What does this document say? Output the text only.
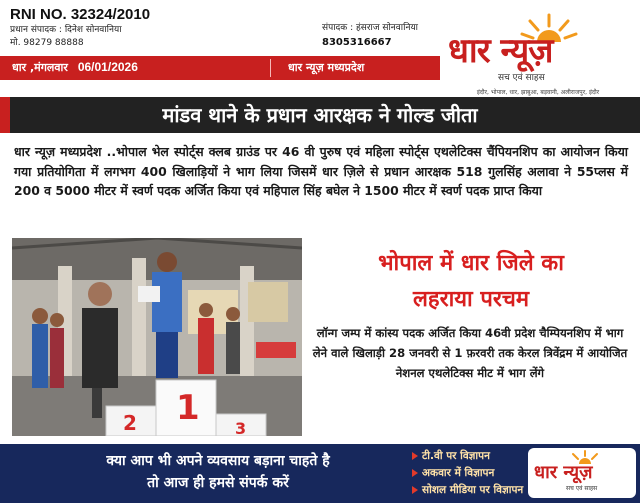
RNI NO. 32324/2010
प्रधान संपादक : दिनेश सोनवानिया
मो. 98279 88888
संपादक : हंसराज सोनवानिया
8305316667	धार न्यूज़
सच एवं साहस
इंदौर, भोपाल, धार, झाबुआ, बड़वानी, अलीराजपुर, इंदौर
धार ,मंगलवार 06/01/2026	धार न्यूज़ मध्यप्रदेश
मांडव थाने के प्रधान आरक्षक ने गोल्ड जीता
धार न्यूज़ मध्यप्रदेश ..भोपाल भेल स्पोर्ट्स क्लब ग्राउंड पर 46 वी पुरुष एवं महिला स्पोर्ट्स एथलेटिक्स चैंपियनशिप का आयोजन किया गया प्रतियोगिता में लगभग 400 खिलाड़ियों ने भाग लिया जिसमें धार ज़िले से प्रधान आरक्षक 518 गुलसिंह अलावा ने 55प्लस में 200 व 5000 मीटर में स्वर्ण पदक अर्जित किया एवं महिपाल सिंह बघेल ने 1500 मीटर में स्वर्ण पदक प्राप्त किया
2 1
3
भोपाल में धार जिले का
लहराया परचम
लॉन्ग जम्प में कांस्य पदक अर्जित किया 46वी प्रदेश चैम्पियनशिप में भाग लेने वाले खिलाड़ी 28 जनवरी से 1 फ़रवरी तक केरल त्रिवेंद्रम में आयोजित नेशनल एथलेटिक्स मीट में भाग लेंगे
क्या आप भी अपने व्यवसाय बड़ाना चाहते है
तो आज ही हमसे संपर्क करें
टी.वी पर विज्ञापन
अकवार में विज्ञापन
सोशल मीडिया पर विज्ञापन
धार न्यूज़
सच एवं साहस
